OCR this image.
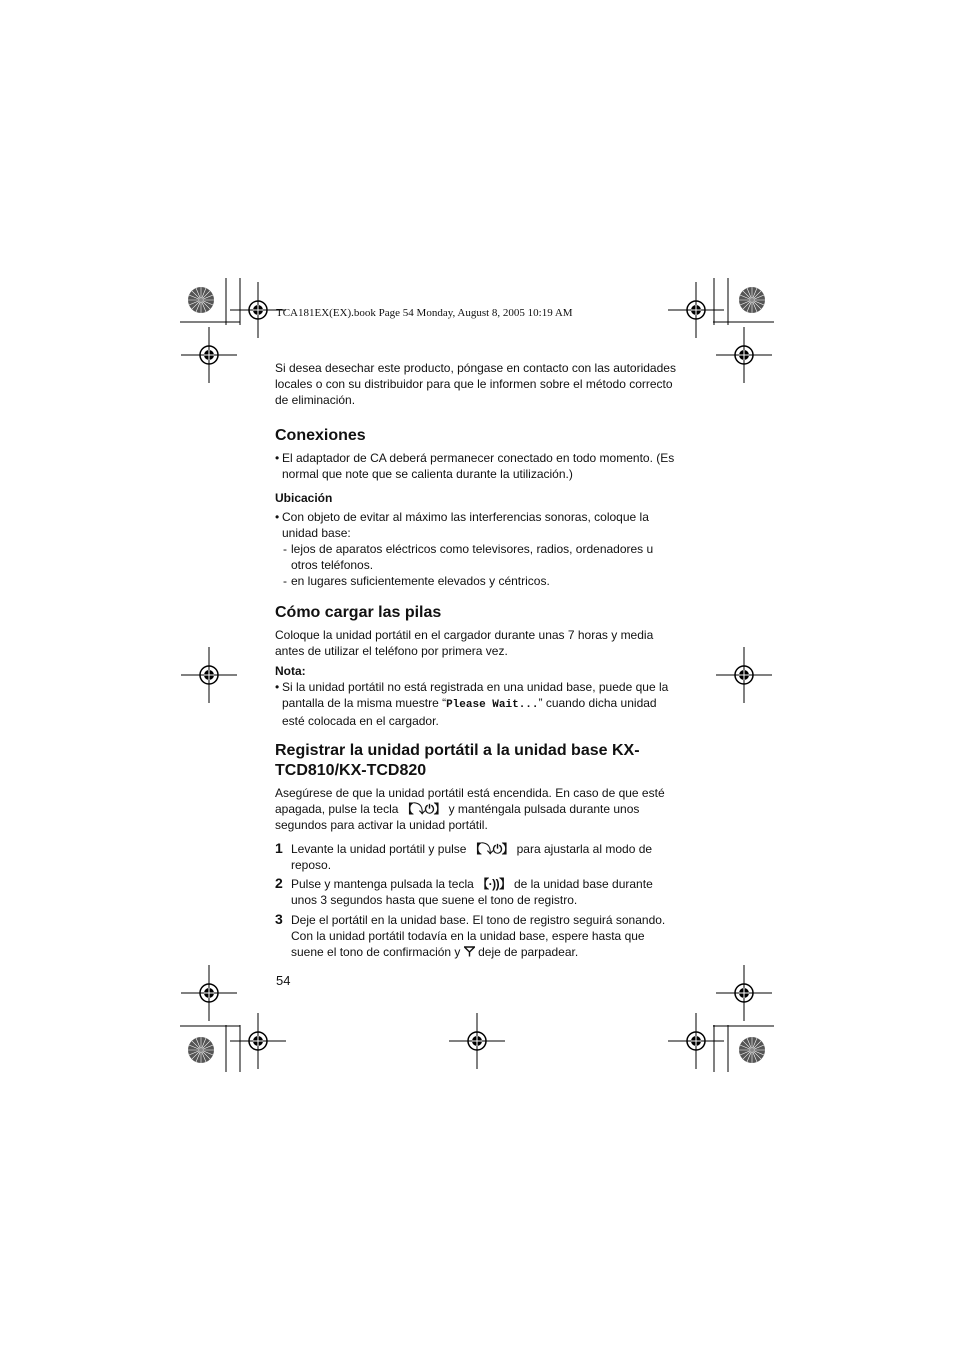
TCA181EX(EX).book Page 54 Monday, August 8, 2005 10:19 AM

Si desea desechar este producto, póngase en contacto con las autoridades locales o con su distribuidor para que le informen sobre el método correcto de eliminación.

Conexiones

• El adaptador de CA deberá permanecer conectado en todo momento. (Es normal que note que se calienta durante la utilización.)

Ubicación

• Con objeto de evitar al máximo las interferencias sonoras, coloque la unidad base:

- lejos de aparatos eléctricos como televisores, radios, ordenadores u otros teléfonos.

- en lugares suficientemente elevados y céntricos.

Cómo cargar las pilas

Coloque la unidad portátil en el cargador durante unas 7 horas y media antes de utilizar el teléfono por primera vez.

Nota:

• Si la unidad portátil no está registrada en una unidad base, puede que la pantalla de la misma muestre “Please Wait...” cuando dicha unidad esté colocada en el cargador.

Registrar la unidad portátil a la unidad base KX-TCD810/KX-TCD820

Asegúrese de que la unidad portátil está encendida. En caso de que esté apagada, pulse la tecla 【⤵⏻】 y manténgala pulsada durante unos segundos para activar la unidad portátil.

1 Levante la unidad portátil y pulse 【⤵⏻】 para ajustarla al modo de reposo.
2 Pulse y mantenga pulsada la tecla 【·))】 de la unidad base durante unos 3 segundos hasta que suene el tono de registro.
3 Deje el portátil en la unidad base. El tono de registro seguirá sonando. Con la unidad portátil todavía en la unidad base, espere hasta que suene el tono de confirmación y  deje de parpadear.
54
